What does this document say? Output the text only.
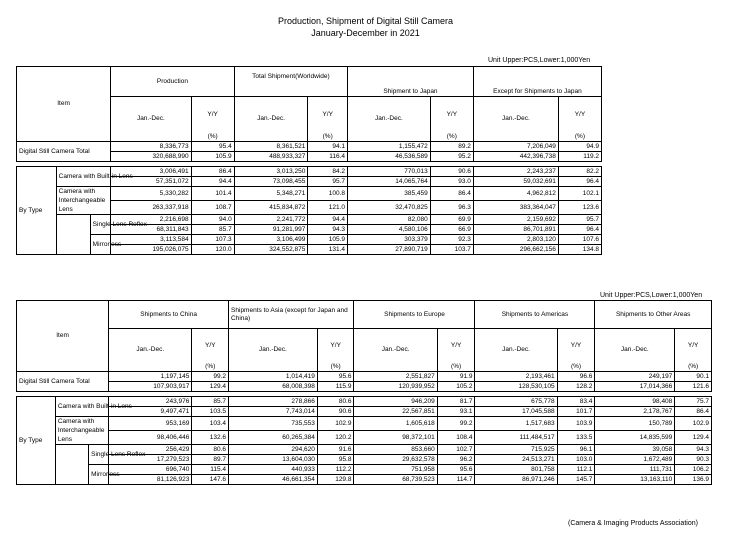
Production, Shipment of Digital Still Camera
January-December in 2021
Unit Upper:PCS,Lower:1,000Yen
Item			Production		Total Shipment(Worldwide)		Shipment to Japan		Except for Shipments to Japan	
			Jan.-Dec.	Y/Y	Jan.-Dec.	Y/Y	Jan.-Dec.	Y/Y	Jan.-Dec.	Y/Y
				(%)		(%)		(%)		(%)
Digital Still Camera Total			8,336,773	95.4	8,361,521	94.1	1,155,472	89.2	7,206,049	94.9
			320,688,990	105.9	488,933,327	116.4	46,536,589	95.2	442,396,738	119.2

By Type	Camera with Built-in Lens		3,006,491	86.4	3,013,250	84.2	770,013	90.6	2,243,237	82.2
			57,351,072	94.4	73,098,455	95.7	14,065,764	93.0	59,032,691	96.4
	Camera with Interchangeable Lens		5,330,282	101.4	5,348,271	100.8	385,459	86.4	4,962,812	102.1
			263,337,918	108.7	415,834,872	121.0	32,470,825	96.3	383,364,047	123.6
		Single Lens Reflex	2,216,698	94.0	2,241,772	94.4	82,080	69.9	2,159,692	95.7
			68,311,843	85.7	91,281,997	94.3	4,580,106	66.9	86,701,891	96.4
		Mirrorless	3,113,584	107.3	3,106,499	105.9	303,379	92.3	2,803,120	107.6
			195,026,075	120.0	324,552,875	131.4	27,890,719	103.7	296,662,156	134.8
Unit Upper:PCS,Lower:1,000Yen
Item			Shipments to China		Shipments to Asia (except for Japan and China)		Shipments to Europe		Shipments to Americas		Shipments to Other Areas	
			Jan.-Dec.	Y/Y	Jan.-Dec.	Y/Y	Jan.-Dec.	Y/Y	Jan.-Dec.	Y/Y	Jan.-Dec.	Y/Y
				(%)		(%)		(%)		(%)		(%)
Digital Still Camera Total			1,197,145	99.2	1,014,419	95.6	2,551,827	91.9	2,193,461	96.6	249,197	90.1
			107,903,917	129.4	68,008,398	115.9	120,939,952	105.2	128,530,105	128.2	17,014,366	121.6

By Type	Camera with Built-in Lens		243,976	85.7	278,866	80.6	946,209	81.7	675,778	83.4	98,408	75.7
			9,497,471	103.5	7,743,014	90.6	22,567,851	93.1	17,045,588	101.7	2,178,767	86.4
	Camera with Interchangeable Lens		953,169	103.4	735,553	102.9	1,605,618	99.2	1,517,683	103.9	150,789	102.9
			98,406,446	132.6	60,265,384	120.2	98,372,101	108.4	111,484,517	133.5	14,835,599	129.4
		Single Lens Reflex	256,429	80.6	294,620	91.6	853,660	102.7	715,925	96.1	39,058	94.3
			17,279,523	89.7	13,604,030	95.8	29,632,578	96.2	24,513,271	103.0	1,672,489	90.3
		Mirrorless	696,740	115.4	440,933	112.2	751,958	95.6	801,758	112.1	111,731	106.2
			81,126,923	147.6	46,661,354	129.8	68,739,523	114.7	86,971,246	145.7	13,163,110	136.9
(Camera & Imaging Products Association)
